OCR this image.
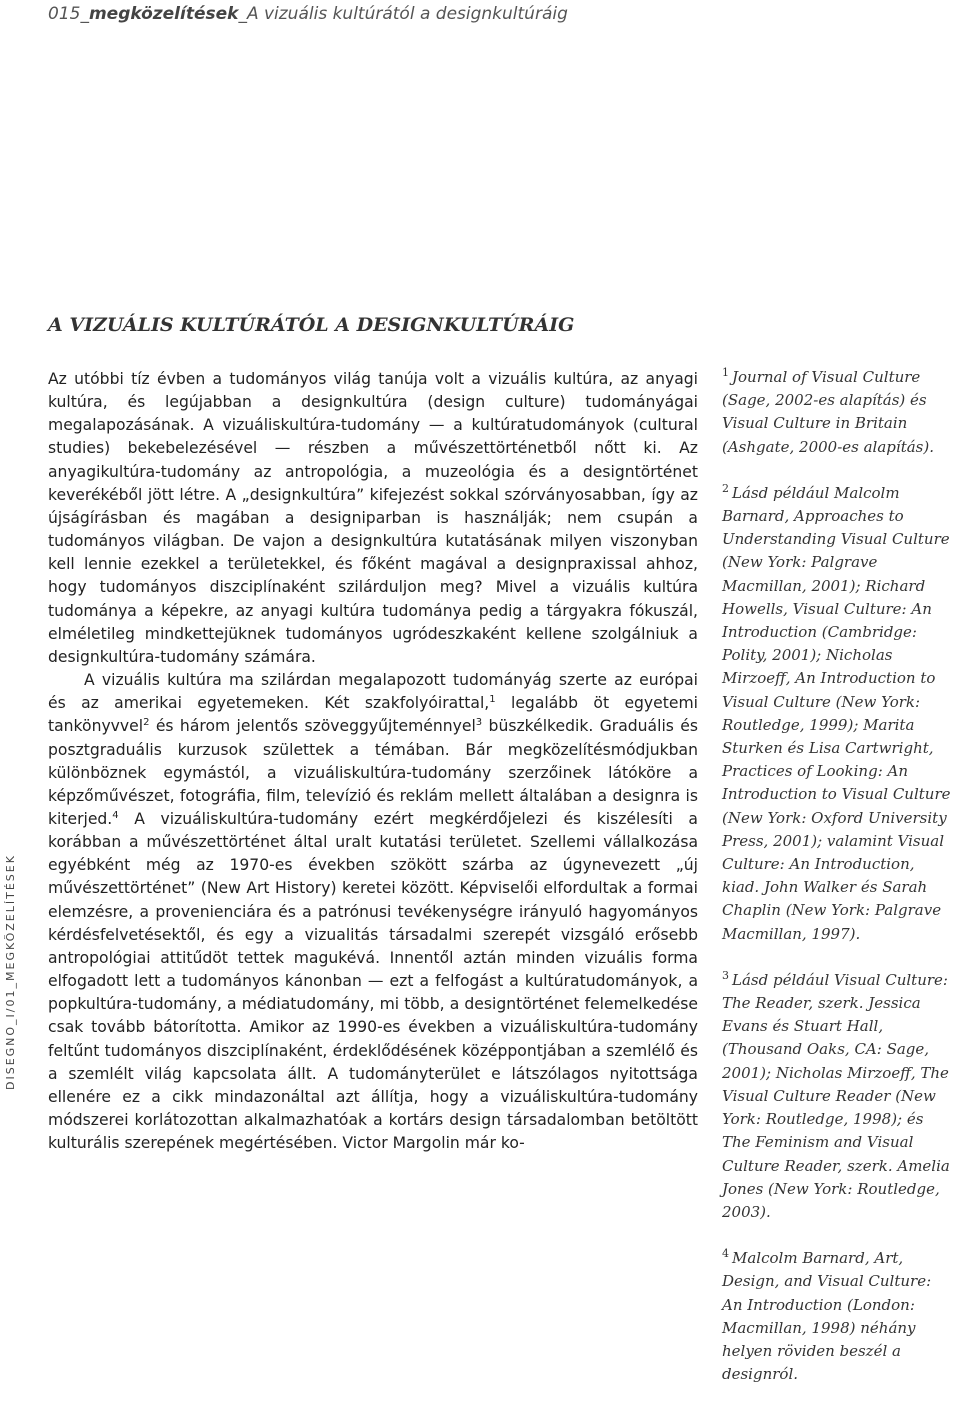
015_megközelítések_A vizuális kultúrától a designkultúráig
DISEGNO_I/01_MEGKÖZELÍTÉSEK
A VIZUÁLIS KULTÚRÁTÓL A DESIGNKULTÚRÁIG

Az utóbbi tíz évben a tudományos világ tanúja volt a vizuális kultúra, az anyagi kultúra, és legújabban a designkultúra (design culture) tudományágai megalapozásának. A vizuáliskultúra-tudomány — a kultúratudományok (cultural studies) bekebelezésével — részben a művészettörténetből nőtt ki. Az anyagikultúra-tudomány az antropológia, a muzeológia és a designtörténet keverékéből jött létre. A „designkultúra” kifejezést sokkal szórványosabban, így az újságírásban és magában a designiparban is használják; nem csupán a tudományos világban. De vajon a designkultúra kutatásának milyen viszonyban kell lennie ezekkel a területekkel, és főként magával a designpraxissal ahhoz, hogy tudományos diszciplínaként szilárduljon meg? Mivel a vizuális kultúra tudománya a képekre, az anyagi kultúra tudománya pedig a tárgyakra fókuszál, elméletileg mindkettejüknek tudományos ugródeszkaként kellene szolgálniuk a designkultúra-tudomány számára.

A vizuális kultúra ma szilárdan megalapozott tudományág szerte az európai és az amerikai egyetemeken. Két szakfolyóirattal,$^1$ legalább öt egyetemi tankönyvvel$^2$ és három jelentős szöveggyűjteménnyel$^3$ büszkélkedik. Graduális és posztgraduális kurzusok születtek a témában. Bár megközelítésmódjukban különböznek egymástól, a vizuáliskultúra-tudomány szerzőinek látóköre a képzőművészet, fotográfia, film, televízió és reklám mellett általában a designra is kiterjed.$^4$ A vizuáliskultúra-tudomány ezért megkérdőjelezi és kiszélesíti a korábban a művészettörténet által uralt kutatási területet. Szellemi vállalkozása egyébként még az 1970-es években szökött szárba az úgynevezett „új művészettörténet” (New Art History) keretei között. Képviselői elfordultak a formai elemzésre, a provenienciára és a patrónusi tevékenységre irányuló hagyományos kérdésfelvetésektől, és egy a vizualitás társadalmi szerepét vizsgáló erősebb antropológiai attitűdöt tettek magukévá. Innentől aztán minden vizuális forma elfogadott lett a tudományos kánonban — ezt a felfogást a kultúratudományok, a popkultúra-tudomány, a médiatudomány, mi több, a designtörténet felemelkedése csak tovább bátorította. Amikor az 1990-es években a vizuáliskultúra-tudomány feltűnt tudományos diszciplínaként, érdeklődésének középpontjában a szemlélő és a szemlélt világ kapcsolata állt. A tudományterület e látszólagos nyitottsága ellenére ez a cikk mindazonáltal azt állítja, hogy a vizuáliskultúra-tudomány módszerei korlátozottan alkalmazhatóak a kortárs design társadalomban betöltött kulturális szerepének megértésében. Victor Margolin már ko-

$^1$ Journal of Visual Culture (Sage, 2002-es alapítás) és Visual Culture in Britain (Ashgate, 2000-es alapítás).
$^2$ Lásd például Malcolm Barnard, Approaches to Understanding Visual Culture (New York: Palgrave Macmillan, 2001); Richard Howells, Visual Culture: An Introduction (Cambridge: Polity, 2001); Nicholas Mirzoeff, An Introduction to Visual Culture (New York: Routledge, 1999); Marita Sturken és Lisa Cartwright, Practices of Looking: An Introduction to Visual Culture (New York: Oxford University Press, 2001); valamint Visual Culture: An Introduction, kiad. John Walker és Sarah Chaplin (New York: Palgrave Macmillan, 1997).
$^3$ Lásd például Visual Culture: The Reader, szerk. Jessica Evans és Stuart Hall, (Thousand Oaks, CA: Sage, 2001); Nicholas Mirzoeff, The Visual Culture Reader (New York: Routledge, 1998); és The Feminism and Visual Culture Reader, szerk. Amelia Jones (New York: Routledge, 2003).
$^4$ Malcolm Barnard, Art, Design, and Visual Culture: An Introduction (London: Macmillan, 1998) néhány helyen röviden beszél a designról.
